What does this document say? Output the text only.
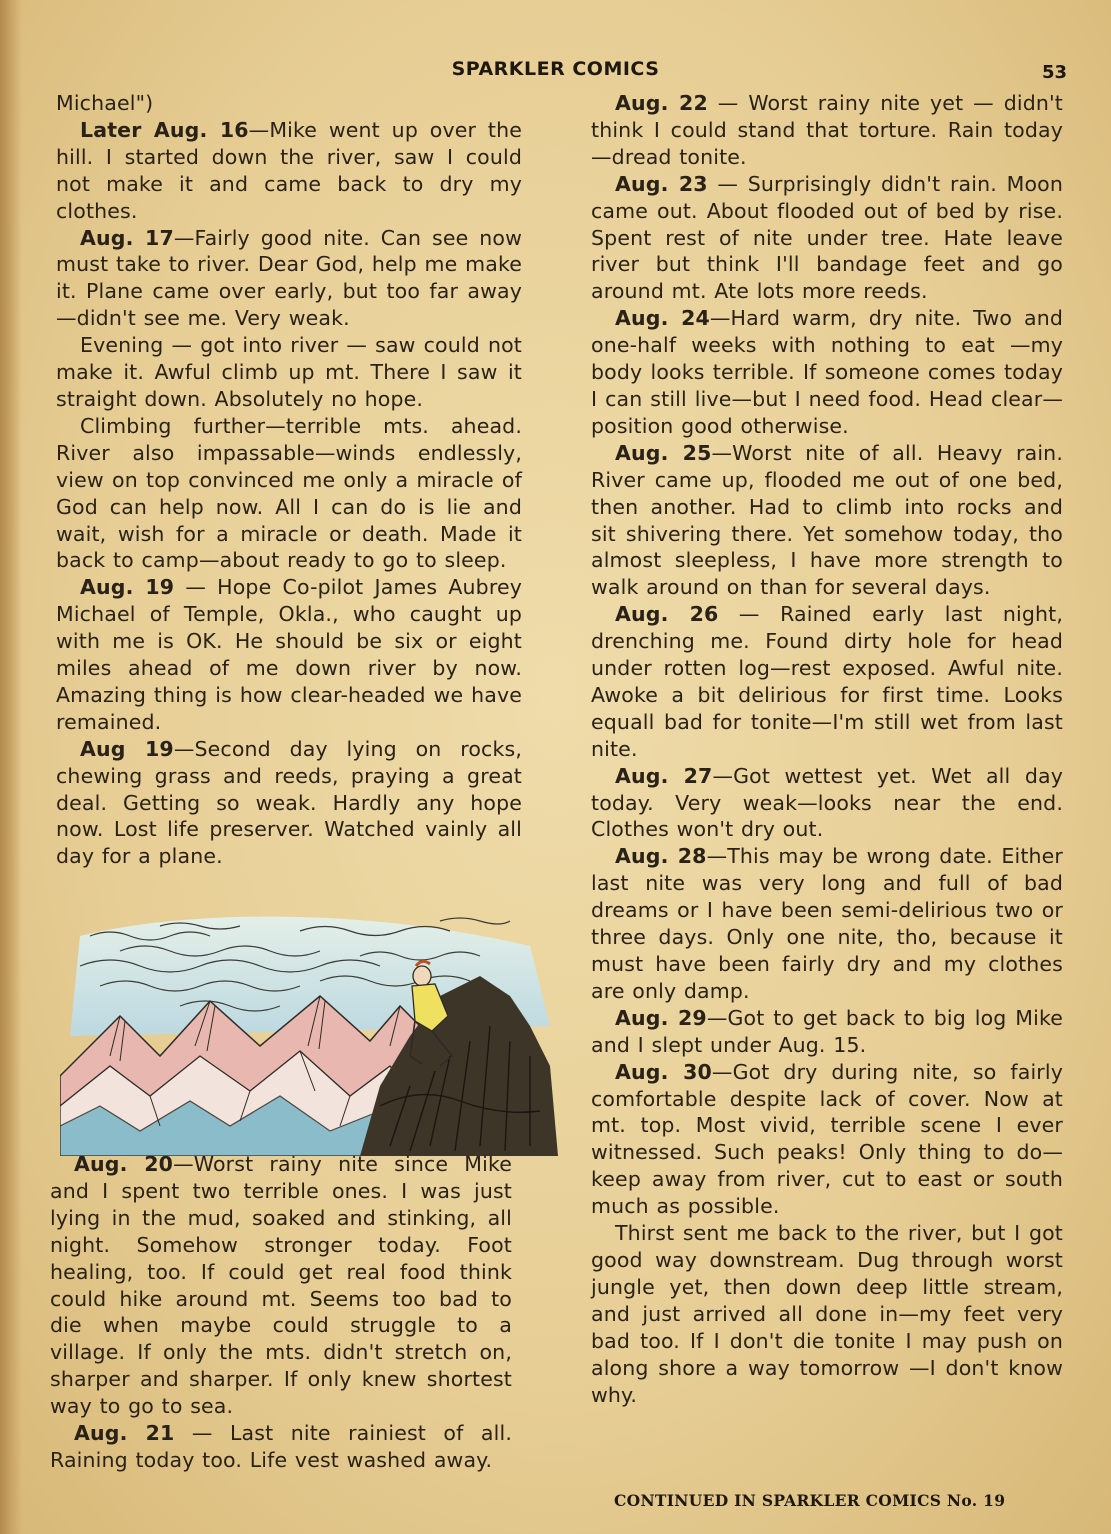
SPARKLER COMICS	53

Michael")

Later Aug. 16—Mike went up over the hill. I started down the river, saw I could not make it and came back to dry my clothes.

Aug. 17—Fairly good nite. Can see now must take to river. Dear God, help me make it. Plane came over early, but too far away—didn't see me. Very weak.

Evening — got into river — saw could not make it. Awful climb up mt. There I saw it straight down. Absolutely no hope.

Climbing further—terrible mts. ahead. River also impassable—winds endlessly, view on top convinced me only a miracle of God can help now. All I can do is lie and wait, wish for a miracle or death. Made it back to camp—about ready to go to sleep.

Aug. 19 — Hope Co-pilot James Aubrey Michael of Temple, Okla., who caught up with me is OK. He should be six or eight miles ahead of me down river by now. Amazing thing is how clear-headed we have remained.

Aug 19—Second day lying on rocks, chewing grass and reeds, praying a great deal. Getting so weak. Hardly any hope now. Lost life preserver. Watched vainly all day for a plane.

Aug. 20—Worst rainy nite since Mike and I spent two terrible ones. I was just lying in the mud, soaked and stinking, all night. Somehow stronger today. Foot healing, too. If could get real food think could hike around mt. Seems too bad to die when maybe could struggle to a village. If only the mts. didn't stretch on, sharper and sharper. If only knew shortest way to go to sea.

Aug. 21 — Last nite rainiest of all. Raining today too. Life vest washed away.

Aug. 22 — Worst rainy nite yet — didn't think I could stand that torture. Rain today—dread tonite.

Aug. 23 — Surprisingly didn't rain. Moon came out. About flooded out of bed by rise. Spent rest of nite under tree. Hate leave river but think I'll bandage feet and go around mt. Ate lots more reeds.

Aug. 24—Hard warm, dry nite. Two and one-half weeks with nothing to eat —my body looks terrible. If someone comes today I can still live—but I need food. Head clear—position good otherwise.

Aug. 25—Worst nite of all. Heavy rain. River came up, flooded me out of one bed, then another. Had to climb into rocks and sit shivering there. Yet somehow today, tho almost sleepless, I have more strength to walk around on than for several days.

Aug. 26 — Rained early last night, drenching me. Found dirty hole for head under rotten log—rest exposed. Awful nite. Awoke a bit delirious for first time. Looks equall bad for tonite—I'm still wet from last nite.

Aug. 27—Got wettest yet. Wet all day today. Very weak—looks near the end. Clothes won't dry out.

Aug. 28—This may be wrong date. Either last nite was very long and full of bad dreams or I have been semi-delirious two or three days. Only one nite, tho, because it must have been fairly dry and my clothes are only damp.

Aug. 29—Got to get back to big log Mike and I slept under Aug. 15.

Aug. 30—Got dry during nite, so fairly comfortable despite lack of cover. Now at mt. top. Most vivid, terrible scene I ever witnessed. Such peaks! Only thing to do—keep away from river, cut to east or south much as possible.

Thirst sent me back to the river, but I got good way downstream. Dug through worst jungle yet, then down deep little stream, and just arrived all done in—my feet very bad too. If I don't die tonite I may push on along shore a way tomorrow —I don't know why.

CONTINUED IN SPARKLER COMICS No. 19
